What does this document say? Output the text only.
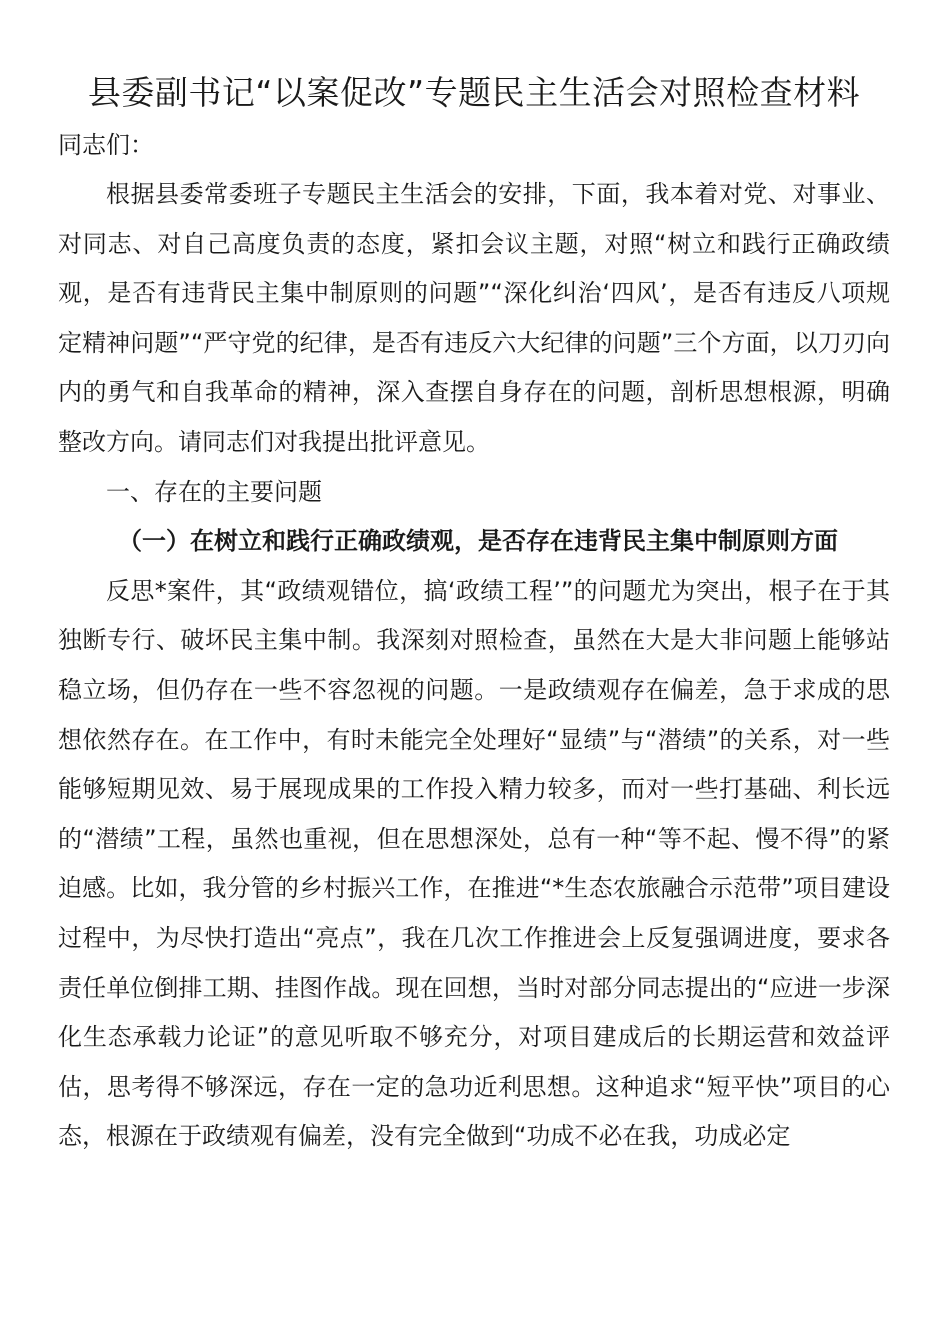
县委副书记“以案促改”专题民主生活会对照检查材料

同志们：

根据县委常委班子专题民主生活会的安排，下面，我本着对党、对事业、对同志、对自己高度负责的态度，紧扣会议主题，对照“树立和践行正确政绩观，是否有违背民主集中制原则的问题”“深化纠治‘四风’，是否有违反八项规定精神问题”“严守党的纪律，是否有违反六大纪律的问题”三个方面，以刀刃向内的勇气和自我革命的精神，深入查摆自身存在的问题，剖析思想根源，明确整改方向。请同志们对我提出批评意见。

一、存在的主要问题

（一）在树立和践行正确政绩观，是否存在违背民主集中制原则方面

反思*案件，其“政绩观错位，搞‘政绩工程’”的问题尤为突出，根子在于其独断专行、破坏民主集中制。我深刻对照检查，虽然在大是大非问题上能够站稳立场，但仍存在一些不容忽视的问题。一是政绩观存在偏差，急于求成的思想依然存在。在工作中，有时未能完全处理好“显绩”与“潜绩”的关系，对一些能够短期见效、易于展现成果的工作投入精力较多，而对一些打基础、利长远的“潜绩”工程，虽然也重视，但在思想深处，总有一种“等不起、慢不得”的紧迫感。比如，我分管的乡村振兴工作，在推进“*生态农旅融合示范带”项目建设过程中，为尽快打造出“亮点”，我在几次工作推进会上反复强调进度，要求各责任单位倒排工期、挂图作战。现在回想，当时对部分同志提出的“应进一步深化生态承载力论证”的意见听取不够充分，对项目建成后的长期运营和效益评估，思考得不够深远，存在一定的急功近利思想。这种追求“短平快”项目的心态，根源在于政绩观有偏差，没有完全做到“功成不必在我，功成必定
